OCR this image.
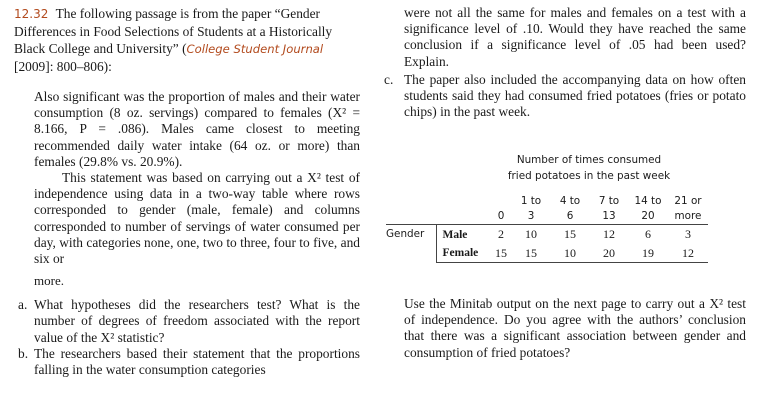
12.32 The following passage is from the paper “Gender Differences in Food Selections of Students at a Historically Black College and University” (College Student Journal [2009]: 800–806):

Also significant was the proportion of males and their water consumption (8 oz. servings) compared to females (X² = 8.166, P = .086). Males came closest to meeting recommended daily water intake (64 oz. or more) than females (29.8% vs. 20.9%).

This statement was based on carrying out a X² test of independence using data in a two-way table where rows corresponded to gender (male, female) and columns corresponded to number of servings of water consumed per day, with categories none, one, two to three, four to five, and six or

more.
a. What hypotheses did the researchers test? What is the number of degrees of freedom associated with the report value of the X² statistic?
b. The researchers based their statement that the proportions falling in the water consumption categories
were not all the same for males and females on a test with a significance level of .10. Would they have reached the same conclusion if a significance level of .05 had been used? Explain.
c. The paper also included the accompanying data on how often students said they had consumed fried potatoes (fries or potato chips) in the past week.
Number of times consumed fried potatoes in the past week
			1 to	4 to	7 to	14 to	21 or
		0	3	6	13	20	more
Gender	Male	2	10	15	12	6	3
	Female	15	15	10	20	19	12
Use the Minitab output on the next page to carry out a X² test of independence. Do you agree with the authors’ conclusion that there was a significant association between gender and consumption of fried potatoes?
